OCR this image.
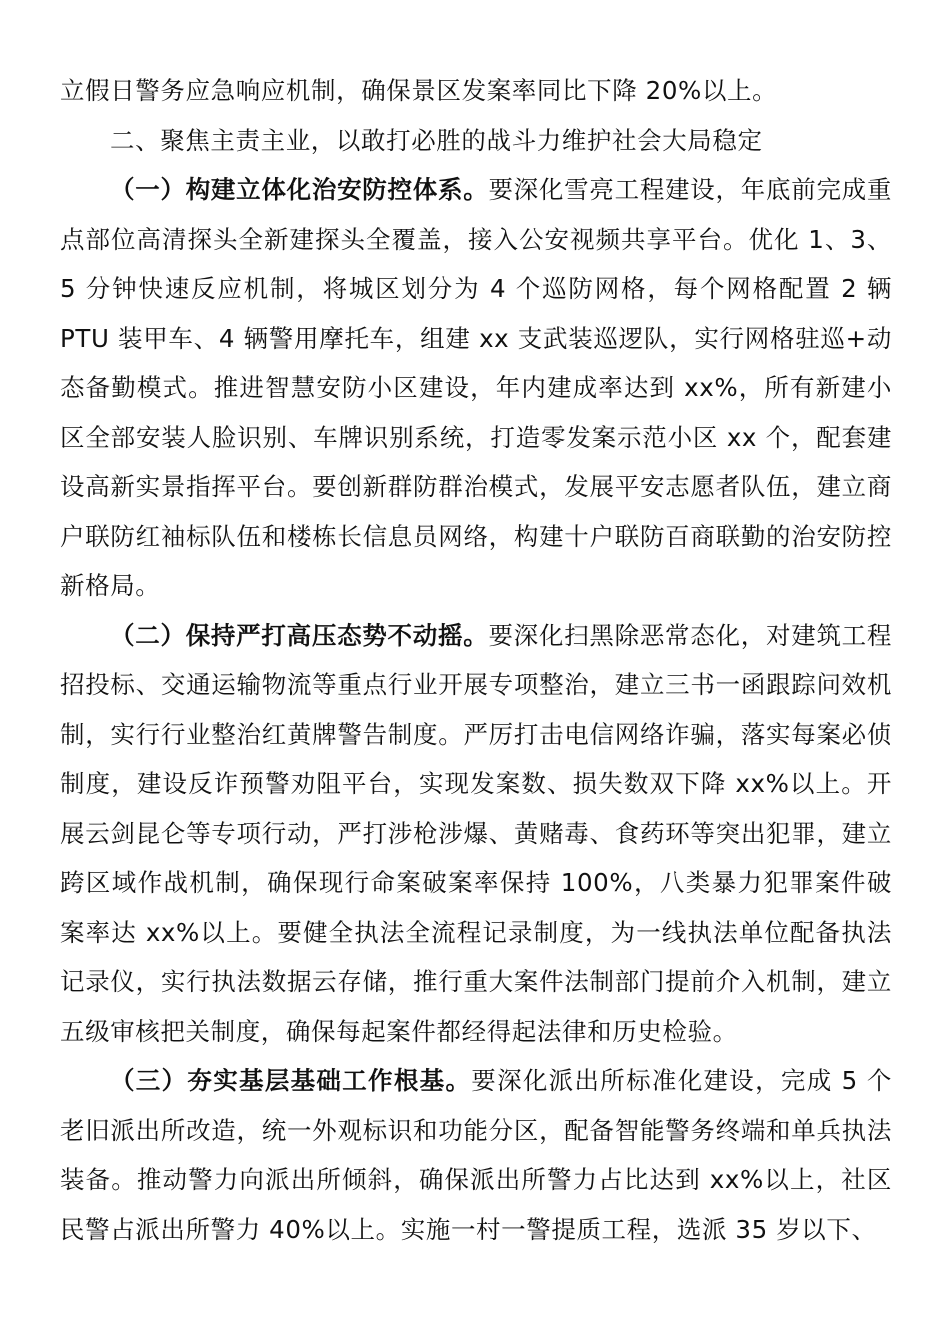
立假日警务应急响应机制，确保景区发案率同比下降 20%以上。

二、聚焦主责主业，以敢打必胜的战斗力维护社会大局稳定

（一）构建立体化治安防控体系。要深化雪亮工程建设，年底前完成重点部位高清探头全新建探头全覆盖，接入公安视频共享平台。优化 1、3、5 分钟快速反应机制，将城区划分为 4 个巡防网格，每个网格配置 2 辆 PTU 装甲车、4 辆警用摩托车，组建 xx 支武装巡逻队，实行网格驻巡+动态备勤模式。推进智慧安防小区建设，年内建成率达到 xx%，所有新建小区全部安装人脸识别、车牌识别系统，打造零发案示范小区 xx 个，配套建设高新实景指挥平台。要创新群防群治模式，发展平安志愿者队伍，建立商户联防红袖标队伍和楼栋长信息员网络，构建十户联防百商联勤的治安防控新格局。

（二）保持严打高压态势不动摇。要深化扫黑除恶常态化，对建筑工程招投标、交通运输物流等重点行业开展专项整治，建立三书一函跟踪问效机制，实行行业整治红黄牌警告制度。严厉打击电信网络诈骗，落实每案必侦制度，建设反诈预警劝阻平台，实现发案数、损失数双下降 xx%以上。开展云剑昆仑等专项行动，严打涉枪涉爆、黄赌毒、食药环等突出犯罪，建立跨区域作战机制，确保现行命案破案率保持 100%，八类暴力犯罪案件破案率达 xx%以上。要健全执法全流程记录制度，为一线执法单位配备执法记录仪，实行执法数据云存储，推行重大案件法制部门提前介入机制，建立五级审核把关制度，确保每起案件都经得起法律和历史检验。

（三）夯实基层基础工作根基。要深化派出所标准化建设，完成 5 个老旧派出所改造，统一外观标识和功能分区，配备智能警务终端和单兵执法装备。推动警力向派出所倾斜，确保派出所警力占比达到 xx%以上，社区民警占派出所警力 40%以上。实施一村一警提质工程，选派 35 岁以下、
